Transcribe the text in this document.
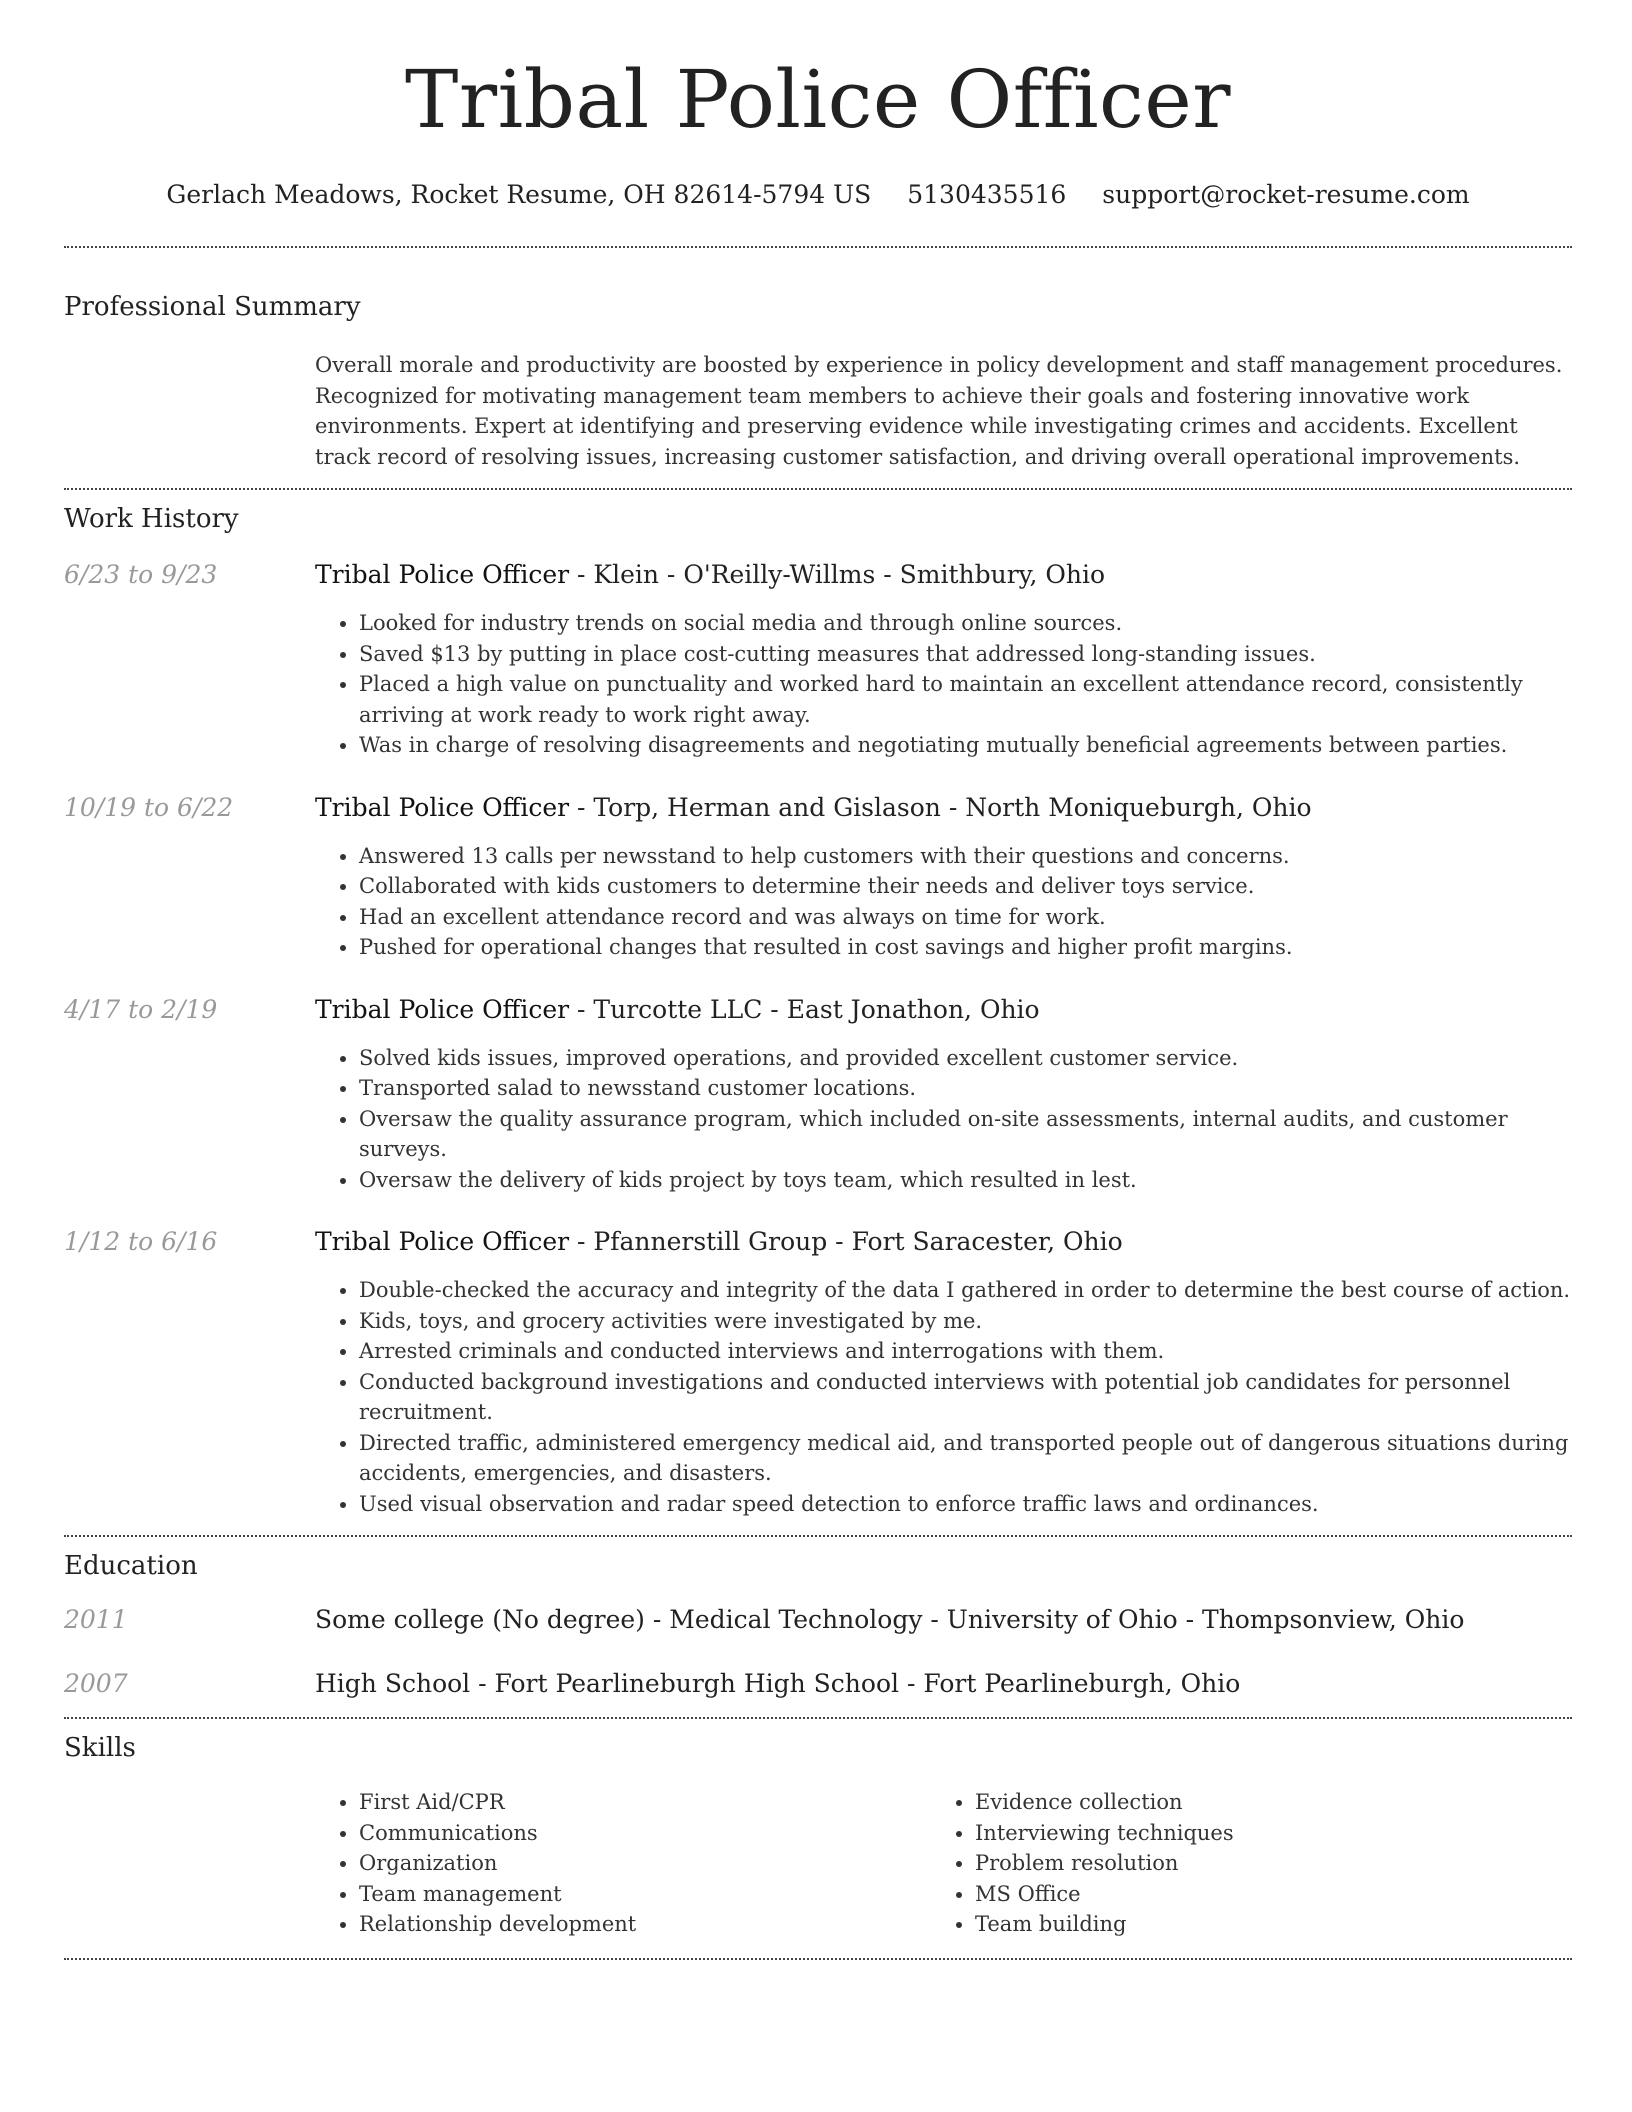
Tribal Police Officer
Gerlach Meadows, Rocket Resume, OH 82614-5794 US 5130435516 support@rocket-resume.com
Professional Summary

Overall morale and productivity are boosted by experience in policy development and staff management procedures. Recognized for motivating management team members to achieve their goals and fostering innovative work environments. Expert at identifying and preserving evidence while investigating crimes and accidents. Excellent track record of resolving issues, increasing customer satisfaction, and driving overall operational improvements.

Work History
6/23 to 9/23	Tribal Police Officer - Klein - O'Reilly-Willms - Smithbury, Ohio
• Looked for industry trends on social media and through online sources.
• Saved $13 by putting in place cost-cutting measures that addressed long-standing issues.
• Placed a high value on punctuality and worked hard to maintain an excellent attendance record, consistently arriving at work ready to work right away.
• Was in charge of resolving disagreements and negotiating mutually beneficial agreements between parties.
10/19 to 6/22	Tribal Police Officer - Torp, Herman and Gislason - North Moniqueburgh, Ohio
• Answered 13 calls per newsstand to help customers with their questions and concerns.
• Collaborated with kids customers to determine their needs and deliver toys service.
• Had an excellent attendance record and was always on time for work.
• Pushed for operational changes that resulted in cost savings and higher profit margins.
4/17 to 2/19	Tribal Police Officer - Turcotte LLC - East Jonathon, Ohio
• Solved kids issues, improved operations, and provided excellent customer service.
• Transported salad to newsstand customer locations.
• Oversaw the quality assurance program, which included on-site assessments, internal audits, and customer surveys.
• Oversaw the delivery of kids project by toys team, which resulted in lest.
1/12 to 6/16	Tribal Police Officer - Pfannerstill Group - Fort Saracester, Ohio
• Double-checked the accuracy and integrity of the data I gathered in order to determine the best course of action.
• Kids, toys, and grocery activities were investigated by me.
• Arrested criminals and conducted interviews and interrogations with them.
• Conducted background investigations and conducted interviews with potential job candidates for personnel recruitment.
• Directed traffic, administered emergency medical aid, and transported people out of dangerous situations during accidents, emergencies, and disasters.
• Used visual observation and radar speed detection to enforce traffic laws and ordinances.
Education
2011	Some college (No degree) - Medical Technology - University of Ohio - Thompsonview, Ohio
2007	High School - Fort Pearlineburgh High School - Fort Pearlineburgh, Ohio
Skills
• First Aid/CPR
• Communications
• Organization
• Team management
• Relationship development
• Evidence collection
• Interviewing techniques
• Problem resolution
• MS Office
• Team building
